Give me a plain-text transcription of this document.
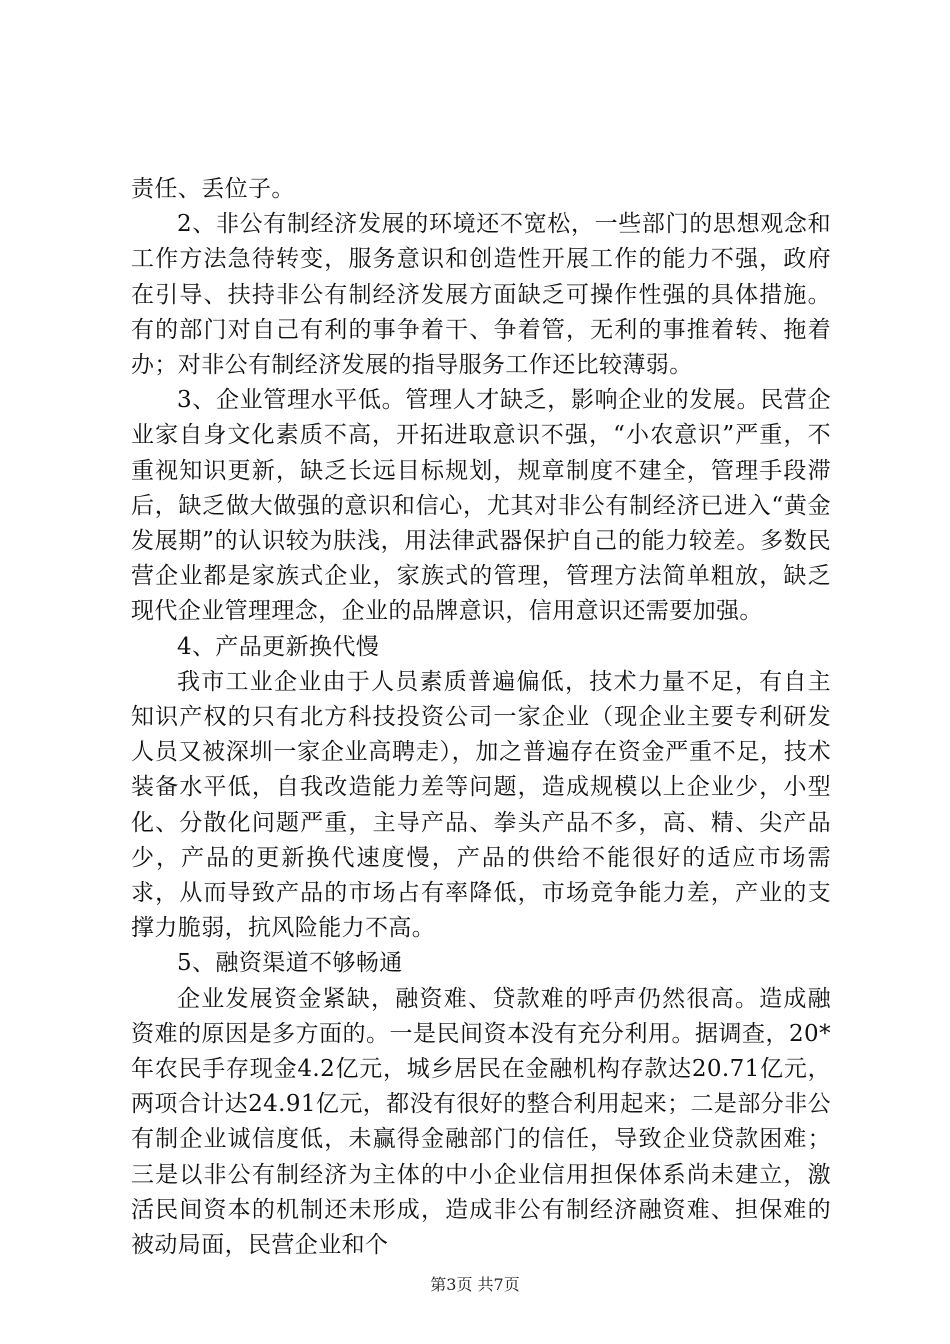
责任、丢位子。

2、非公有制经济发展的环境还不宽松，一些部门的思想观念和工作方法急待转变，服务意识和创造性开展工作的能力不强，政府在引导、扶持非公有制经济发展方面缺乏可操作性强的具体措施。有的部门对自己有利的事争着干、争着管，无利的事推着转、拖着办；对非公有制经济发展的指导服务工作还比较薄弱。

3、企业管理水平低。管理人才缺乏，影响企业的发展。民营企业家自身文化素质不高，开拓进取意识不强，“小农意识”严重，不重视知识更新，缺乏长远目标规划，规章制度不建全，管理手段滞后，缺乏做大做强的意识和信心，尤其对非公有制经济已进入“黄金发展期”的认识较为肤浅，用法律武器保护自己的能力较差。多数民营企业都是家族式企业，家族式的管理，管理方法简单粗放，缺乏现代企业管理理念，企业的品牌意识，信用意识还需要加强。

4、产品更新换代慢

我市工业企业由于人员素质普遍偏低，技术力量不足，有自主知识产权的只有北方科技投资公司一家企业（现企业主要专利研发人员又被深圳一家企业高聘走），加之普遍存在资金严重不足，技术装备水平低，自我改造能力差等问题，造成规模以上企业少，小型化、分散化问题严重，主导产品、拳头产品不多，高、精、尖产品少，产品的更新换代速度慢，产品的供给不能很好的适应市场需求，从而导致产品的市场占有率降低，市场竞争能力差，产业的支撑力脆弱，抗风险能力不高。

5、融资渠道不够畅通

企业发展资金紧缺，融资难、贷款难的呼声仍然很高。造成融资难的原因是多方面的。一是民间资本没有充分利用。据调查，20*年农民手存现金4.2亿元，城乡居民在金融机构存款达20.71亿元，两项合计达24.91亿元，都没有很好的整合利用起来；二是部分非公有制企业诚信度低，未赢得金融部门的信任，导致企业贷款困难；三是以非公有制经济为主体的中小企业信用担保体系尚未建立，激活民间资本的机制还未形成，造成非公有制经济融资难、担保难的被动局面，民营企业和个

第3页 共7页
